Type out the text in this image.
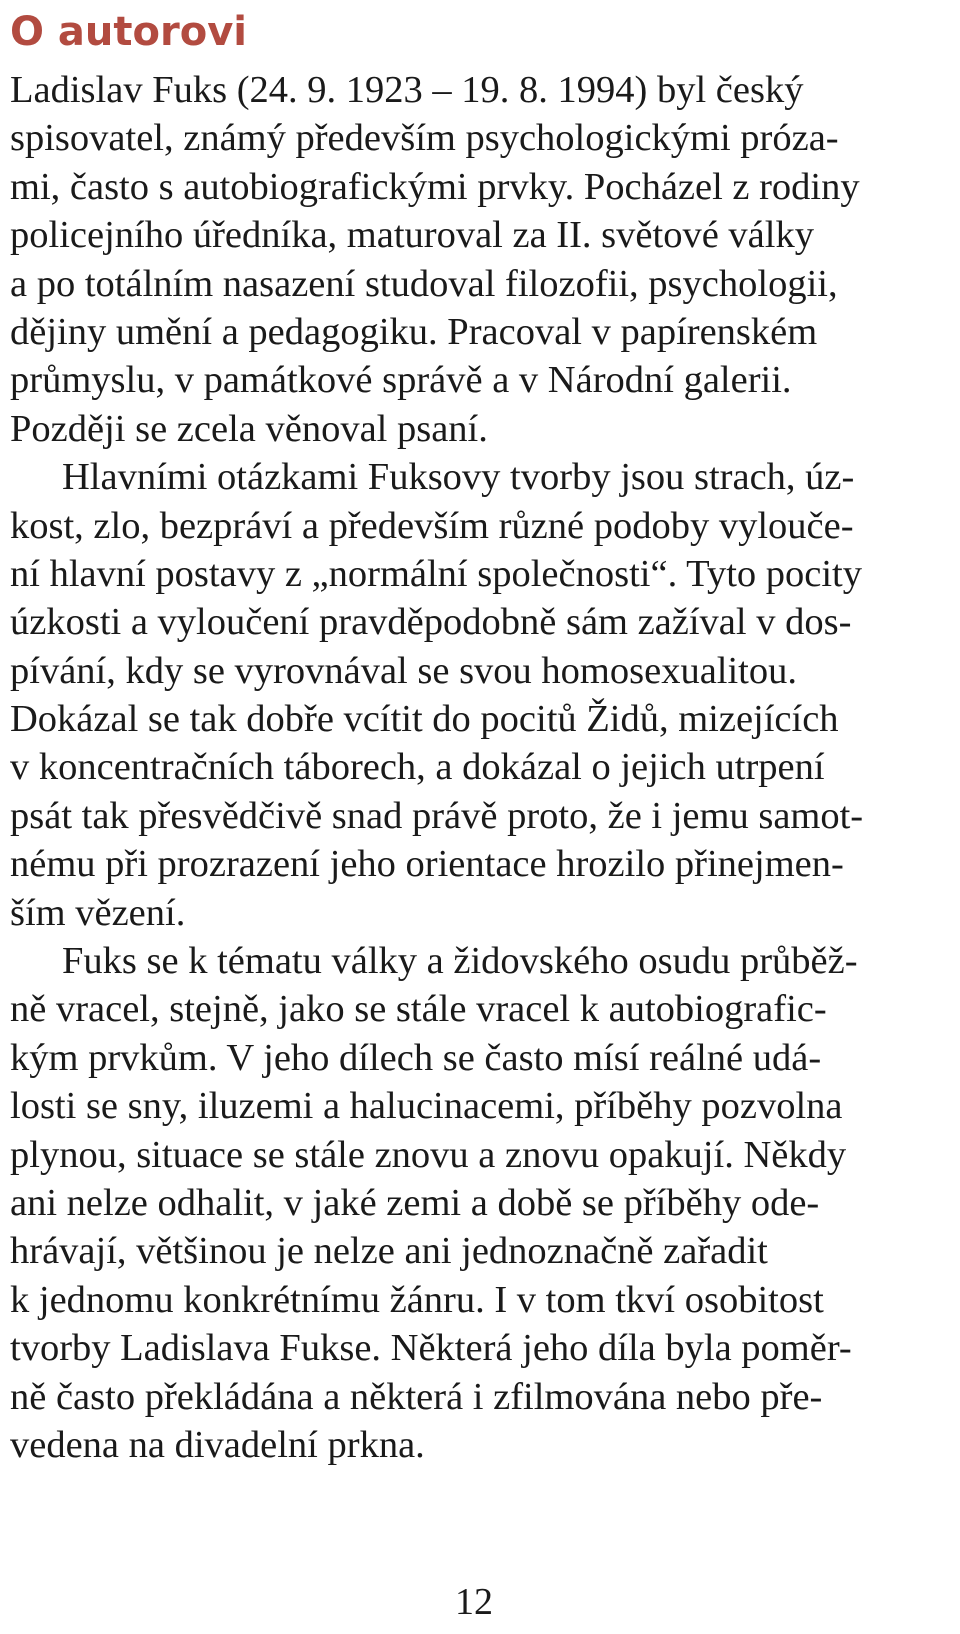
O autorovi
Ladislav Fuks (24. 9. 1923 – 19. 8. 1994) byl český
spisovatel, známý především psychologickými próza-
mi, často s autobiografickými prvky. Pocházel z rodiny
policejního úředníka, maturoval za II. světové války
a po totálním nasazení studoval filozofii, psychologii,
dějiny umění a pedagogiku. Pracoval v papírenském
průmyslu, v památkové správě a v Národní galerii.
Později se zcela věnoval psaní.
Hlavními otázkami Fuksovy tvorby jsou strach, úz-
kost, zlo, bezpráví a především různé podoby vylouče-
ní hlavní postavy z „normální společnosti“. Tyto pocity
úzkosti a vyloučení pravděpodobně sám zažíval v dos-
pívání, kdy se vyrovnával se svou homosexualitou.
Dokázal se tak dobře vcítit do pocitů Židů, mizejících
v koncentračních táborech, a dokázal o jejich utrpení
psát tak přesvědčivě snad právě proto, že i jemu samot-
nému při prozrazení jeho orientace hrozilo přinejmen-
ším vězení.
Fuks se k tématu války a židovského osudu průběž-
ně vracel, stejně, jako se stále vracel k autobiografic-
kým prvkům. V jeho dílech se často mísí reálné udá-
losti se sny, iluzemi a halucinacemi, příběhy pozvolna
plynou, situace se stále znovu a znovu opakují. Někdy
ani nelze odhalit, v jaké zemi a době se příběhy ode-
hrávají, většinou je nelze ani jednoznačně zařadit
k jednomu konkrétnímu žánru. I v tom tkví osobitost
tvorby Ladislava Fukse. Některá jeho díla byla poměr-
ně často překládána a některá i zfilmována nebo pře-
vedena na divadelní prkna.
12
